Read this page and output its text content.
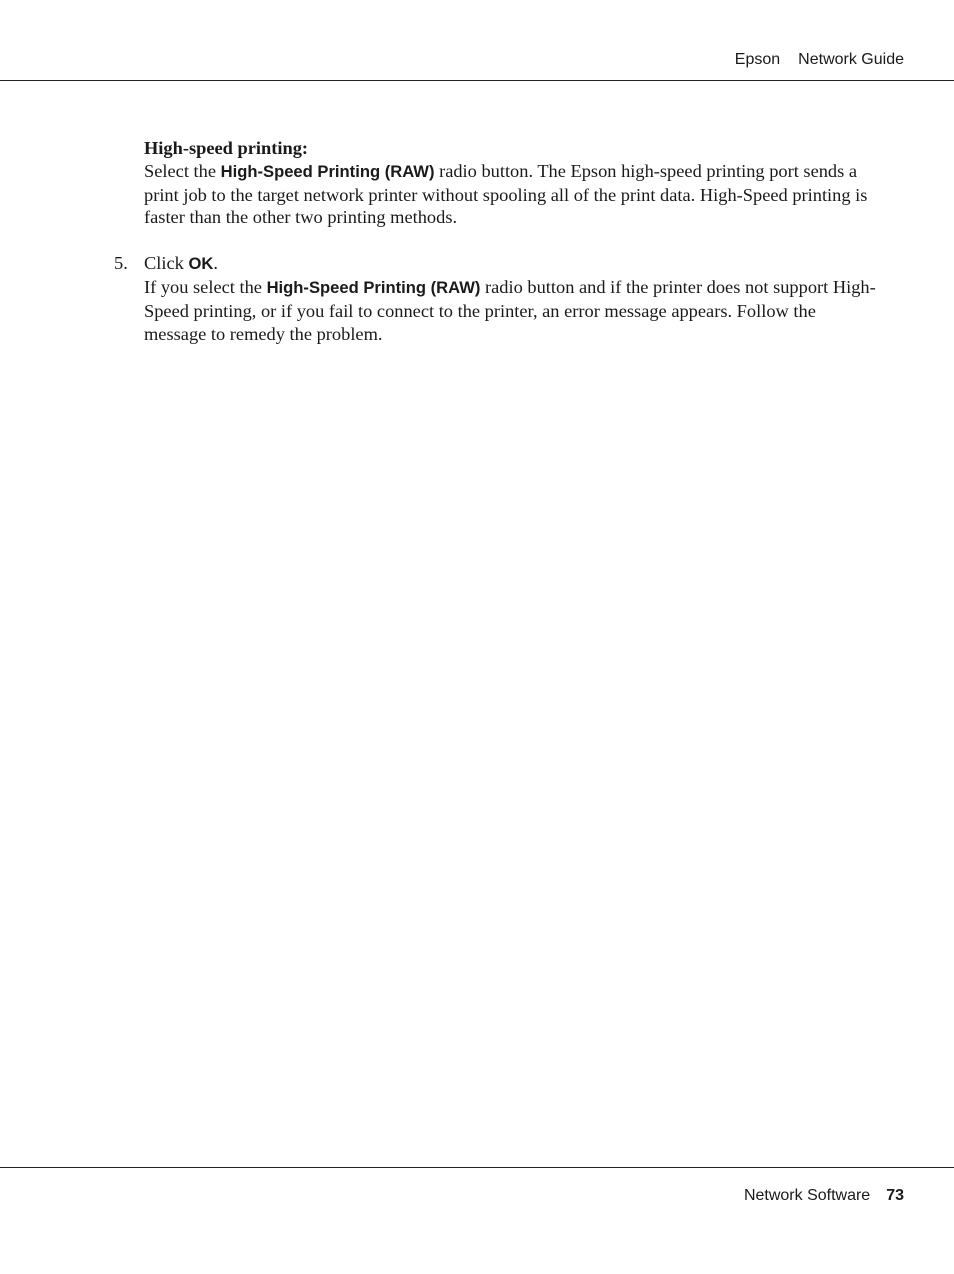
Epson Network Guide

High-speed printing:

Select the High-Speed Printing (RAW) radio button. The Epson high-speed printing port sends a print job to the target network printer without spooling all of the print data. High-Speed printing is faster than the other two printing methods.

5. Click OK.

If you select the High-Speed Printing (RAW) radio button and if the printer does not support High-Speed printing, or if you fail to connect to the printer, an error message appears. Follow the message to remedy the problem.

Network Software 73
